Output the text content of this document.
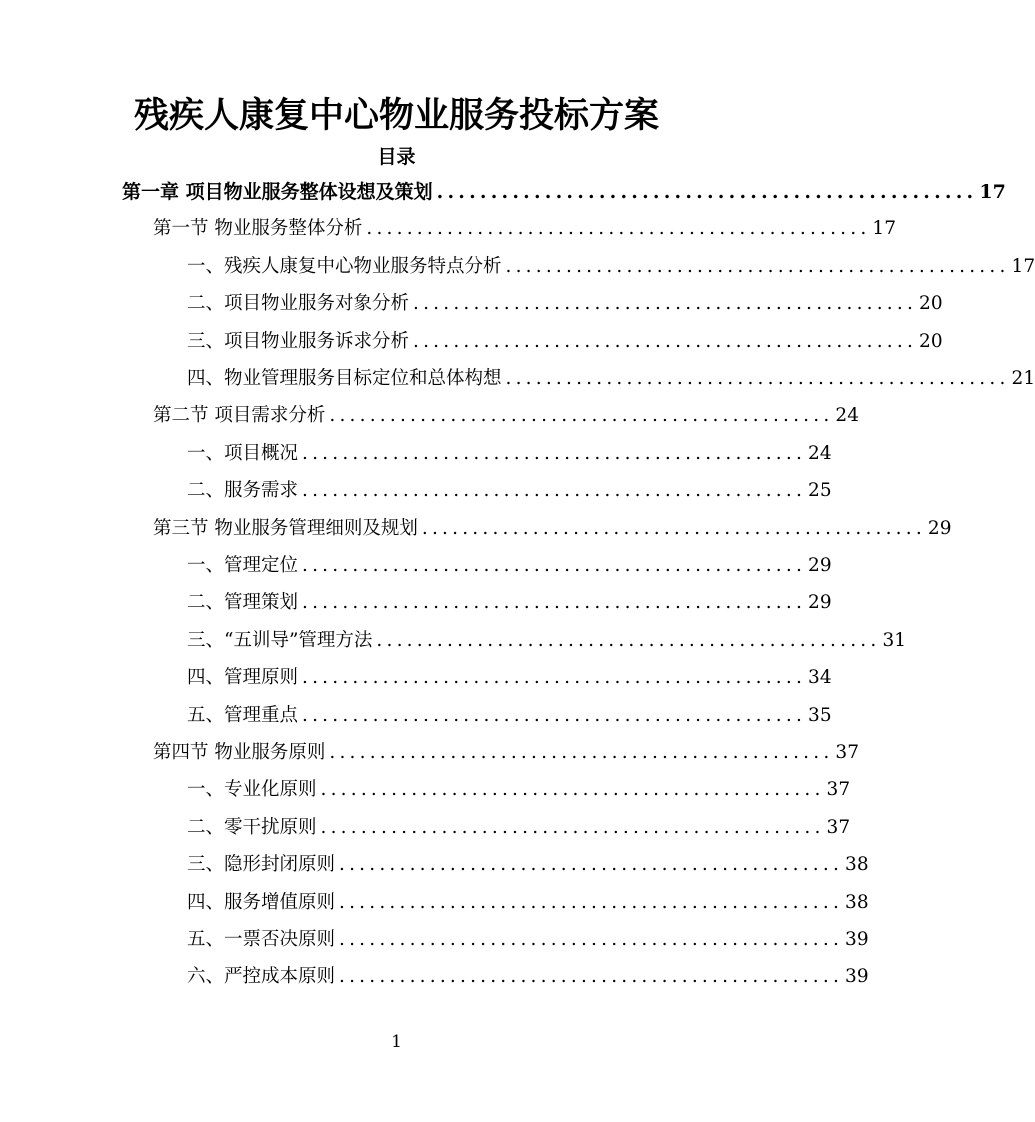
残疾人康复中心物业服务投标方案
目录
第一章 项目物业服务整体设想及策划 .................................................. 17
第一节 物业服务整体分析 .................................................. 17
一、残疾人康复中心物业服务特点分析 .................................................. 17
二、项目物业服务对象分析 .................................................. 20
三、项目物业服务诉求分析 .................................................. 20
四、物业管理服务目标定位和总体构想 .................................................. 21
第二节 项目需求分析 .................................................. 24
一、项目概况 .................................................. 24
二、服务需求 .................................................. 25
第三节 物业服务管理细则及规划 .................................................. 29
一、管理定位 .................................................. 29
二、管理策划 .................................................. 29
三、“五训导”管理方法 .................................................. 31
四、管理原则 .................................................. 34
五、管理重点 .................................................. 35
第四节 物业服务原则 .................................................. 37
一、专业化原则 .................................................. 37
二、零干扰原则 .................................................. 37
三、隐形封闭原则 .................................................. 38
四、服务增值原则 .................................................. 38
五、一票否决原则 .................................................. 39
六、严控成本原则 .................................................. 39

1
